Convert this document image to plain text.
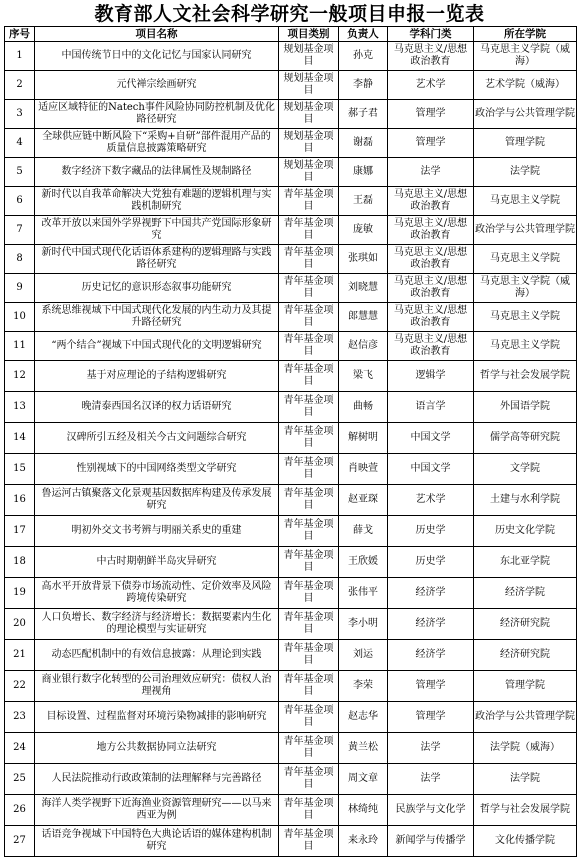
教育部人文社会科学研究一般项目申报一览表
序号	项目名称	项目类别	负责人	学科门类	所在学院
1	中国传统节日中的文化记忆与国家认同研究	规划基金项目	孙克	马克思主义/思想政治教育	马克思主义学院（威海）
2	元代禅宗绘画研究	规划基金项目	李静	艺术学	艺术学院（威海）
3	适应区域特征的Natech事件风险协同防控机制及优化路径研究	规划基金项目	郝子君	管理学	政治学与公共管理学院
4	全球供应链中断风险下“采购+自研”部件混用产品的质量信息披露策略研究	规划基金项目	谢磊	管理学	管理学院
5	数字经济下数字藏品的法律属性及规制路径	规划基金项目	康娜	法学	法学院
6	新时代以自我革命解决大党独有难题的逻辑机理与实践机制研究	青年基金项目	王磊	马克思主义/思想政治教育	马克思主义学院
7	改革开放以来国外学界视野下中国共产党国际形象研究	青年基金项目	庞敏	马克思主义/思想政治教育	政治学与公共管理学院
8	新时代中国式现代化话语体系建构的逻辑理路与实践路径研究	青年基金项目	张琪如	马克思主义/思想政治教育	马克思主义学院
9	历史记忆的意识形态叙事功能研究	青年基金项目	刘晓慧	马克思主义/思想政治教育	马克思主义学院（威海）
10	系统思维视域下中国式现代化发展的内生动力及其提升路径研究	青年基金项目	郎慧慧	马克思主义/思想政治教育	马克思主义学院
11	“两个结合”视域下中国式现代化的文明逻辑研究	青年基金项目	赵信彦	马克思主义/思想政治教育	马克思主义学院
12	基于对应理论的子结构逻辑研究	青年基金项目	梁飞	逻辑学	哲学与社会发展学院
13	晚清泰西国名汉译的权力话语研究	青年基金项目	曲畅	语言学	外国语学院
14	汉碑所引五经及相关今古文问题综合研究	青年基金项目	解树明	中国文学	儒学高等研究院
15	性别视域下的中国网络类型文学研究	青年基金项目	肖映萱	中国文学	文学院
16	鲁运河古镇聚落文化景观基因数据库构建及传承发展研究	青年基金项目	赵亚琛	艺术学	土建与水利学院
17	明初外交文书考辨与明丽关系史的重建	青年基金项目	薛戈	历史学	历史文化学院
18	中古时期朝鲜半岛灾异研究	青年基金项目	王欣媛	历史学	东北亚学院
19	高水平开放背景下债券市场流动性、定价效率及风险跨境传染研究	青年基金项目	张伟平	经济学	经济学院
20	人口负增长、数字经济与经济增长：数据要素内生化的理论模型与实证研究	青年基金项目	李小明	经济学	经济研究院
21	动态匹配机制中的有效信息披露：从理论到实践	青年基金项目	刘运	经济学	经济研究院
22	商业银行数字化转型的公司治理效应研究：债权人治理视角	青年基金项目	李荣	管理学	管理学院
23	目标设置、过程监督对环境污染物减排的影响研究	青年基金项目	赵志华	管理学	政治学与公共管理学院
24	地方公共数据协同立法研究	青年基金项目	黄兰松	法学	法学院（威海）
25	人民法院推动行政政策制的法理解释与完善路径	青年基金项目	周文章	法学	法学院
26	海洋人类学视野下近海渔业资源管理研究——以马来西亚为例	青年基金项目	林绮纯	民族学与文化学	哲学与社会发展学院
27	话语竞争视域下中国特色大典论话语的媒体建构机制研究	青年基金项目	来永玲	新闻学与传播学	文化传播学院
